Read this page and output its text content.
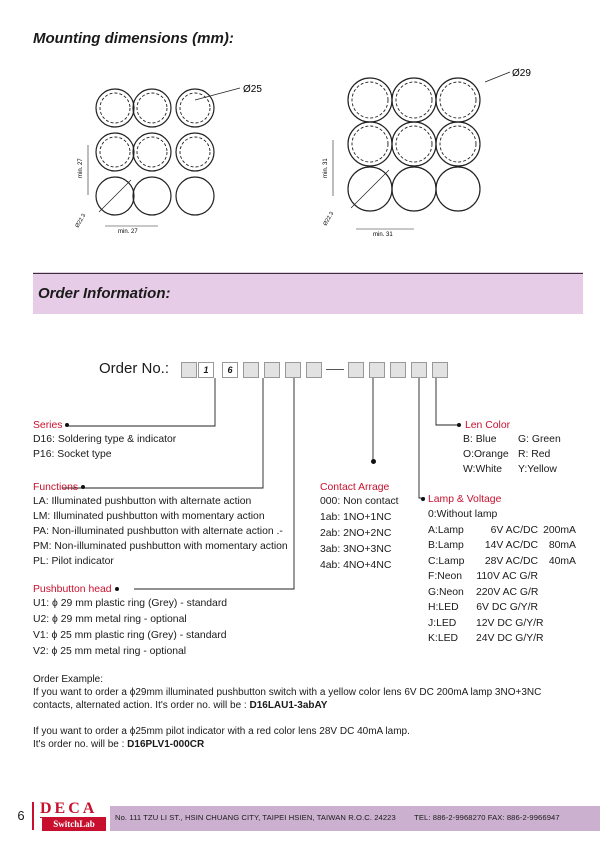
Mounting dimensions (mm):
Ø25
min. 27
min. 27
Ø22.3
Ø29
min. 31
min. 31
Ø22.3
Order Information:
Order No.:	1	6
Series
D16: Soldering type & indicator
P16: Socket type
Functions
LA: Illuminated pushbutton with alternate action
LM: Illuminated pushbutton with momentary action
PA: Non-illuminated pushbutton with alternate action .-
PM: Non-illuminated pushbutton with momentary action
PL: Pilot indicator
Pushbutton head
U1: ϕ 29 mm plastic ring (Grey) - standard
U2: ϕ 29 mm metal ring - optional
V1: ϕ 25 mm plastic ring (Grey) - standard
V2: ϕ 25 mm metal ring - optional
Contact Arrage
000: Non contact
1ab: 1NO+1NC
2ab: 2NO+2NC
3ab: 3NO+3NC
4ab: 4NO+4NC
Len Color
B: Blue G: Green
O:Orange R: Red
W:White Y:Yellow
Lamp & Voltage
0:Without lamp
A:Lamp	6V AC/DC 200mA
B:Lamp 14V AC/DC 80mA
C:Lamp 28V AC/DC 40mA
F:Neon 110V AC G/R
G:Neon 220V AC G/R
H:LED 6V DC G/Y/R
J:LED 12V DC G/Y/R
K:LED 24V DC G/Y/R
Order Example:
If you want to order a ϕ29mm illuminated pushbutton switch with a yellow color lens 6V DC 200mA lamp 3NO+3NC
contacts, alternated action. It's order no. will be : D16LAU1-3abAY
If you want to order a ϕ25mm pilot indicator with a red color lens 28V DC 40mA lamp.
It's order no. will be : D16PLV1-000CR
6 DECA
SwitchLab
No. 111 TZU LI ST., HSIN CHUANG CITY, TAIPEI HSIEN, TAIWAN R.O.C. 24223 TEL: 886-2-9968270 FAX: 886-2-9966947
